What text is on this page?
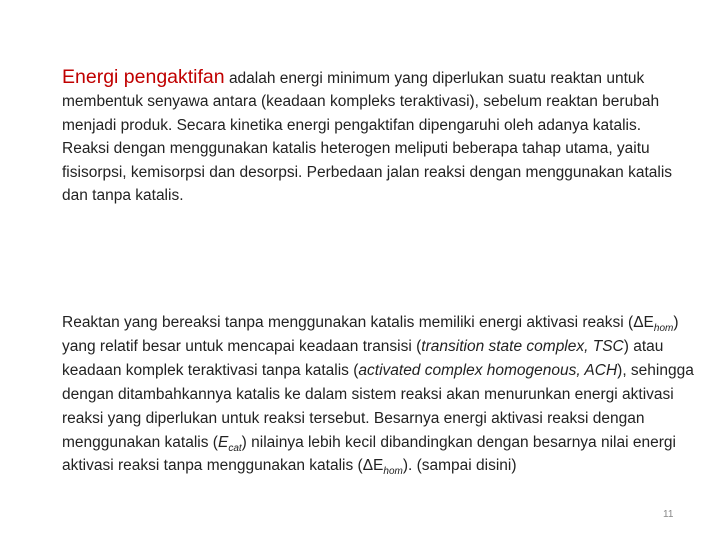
Energi pengaktifan adalah energi minimum yang diperlukan suatu reaktan untuk membentuk senyawa antara (keadaan kompleks teraktivasi), sebelum reaktan berubah menjadi produk. Secara kinetika energi pengaktifan dipengaruhi oleh adanya katalis. Reaksi dengan menggunakan katalis heterogen meliputi beberapa tahap utama, yaitu fisisorpsi, kemisorpsi dan desorpsi. Perbedaan jalan reaksi dengan menggunakan katalis dan tanpa katalis.
Reaktan yang bereaksi tanpa menggunakan katalis memiliki energi aktivasi reaksi $(\Delta E_{hom})$ yang relatif besar untuk mencapai keadaan transisi (transition state complex, TSC) atau keadaan komplek teraktivasi tanpa katalis (activated complex homogenous, ACH), sehingga dengan ditambahkannya katalis ke dalam sistem reaksi akan menurunkan energi aktivasi reaksi yang diperlukan untuk reaksi tersebut. Besarnya energi aktivasi reaksi dengan menggunakan katalis $(E_{cat})$ nilainya lebih kecil dibandingkan dengan besarnya nilai energi aktivasi reaksi tanpa menggunakan katalis $(\Delta E_{hom})$. (sampai disini)
11
